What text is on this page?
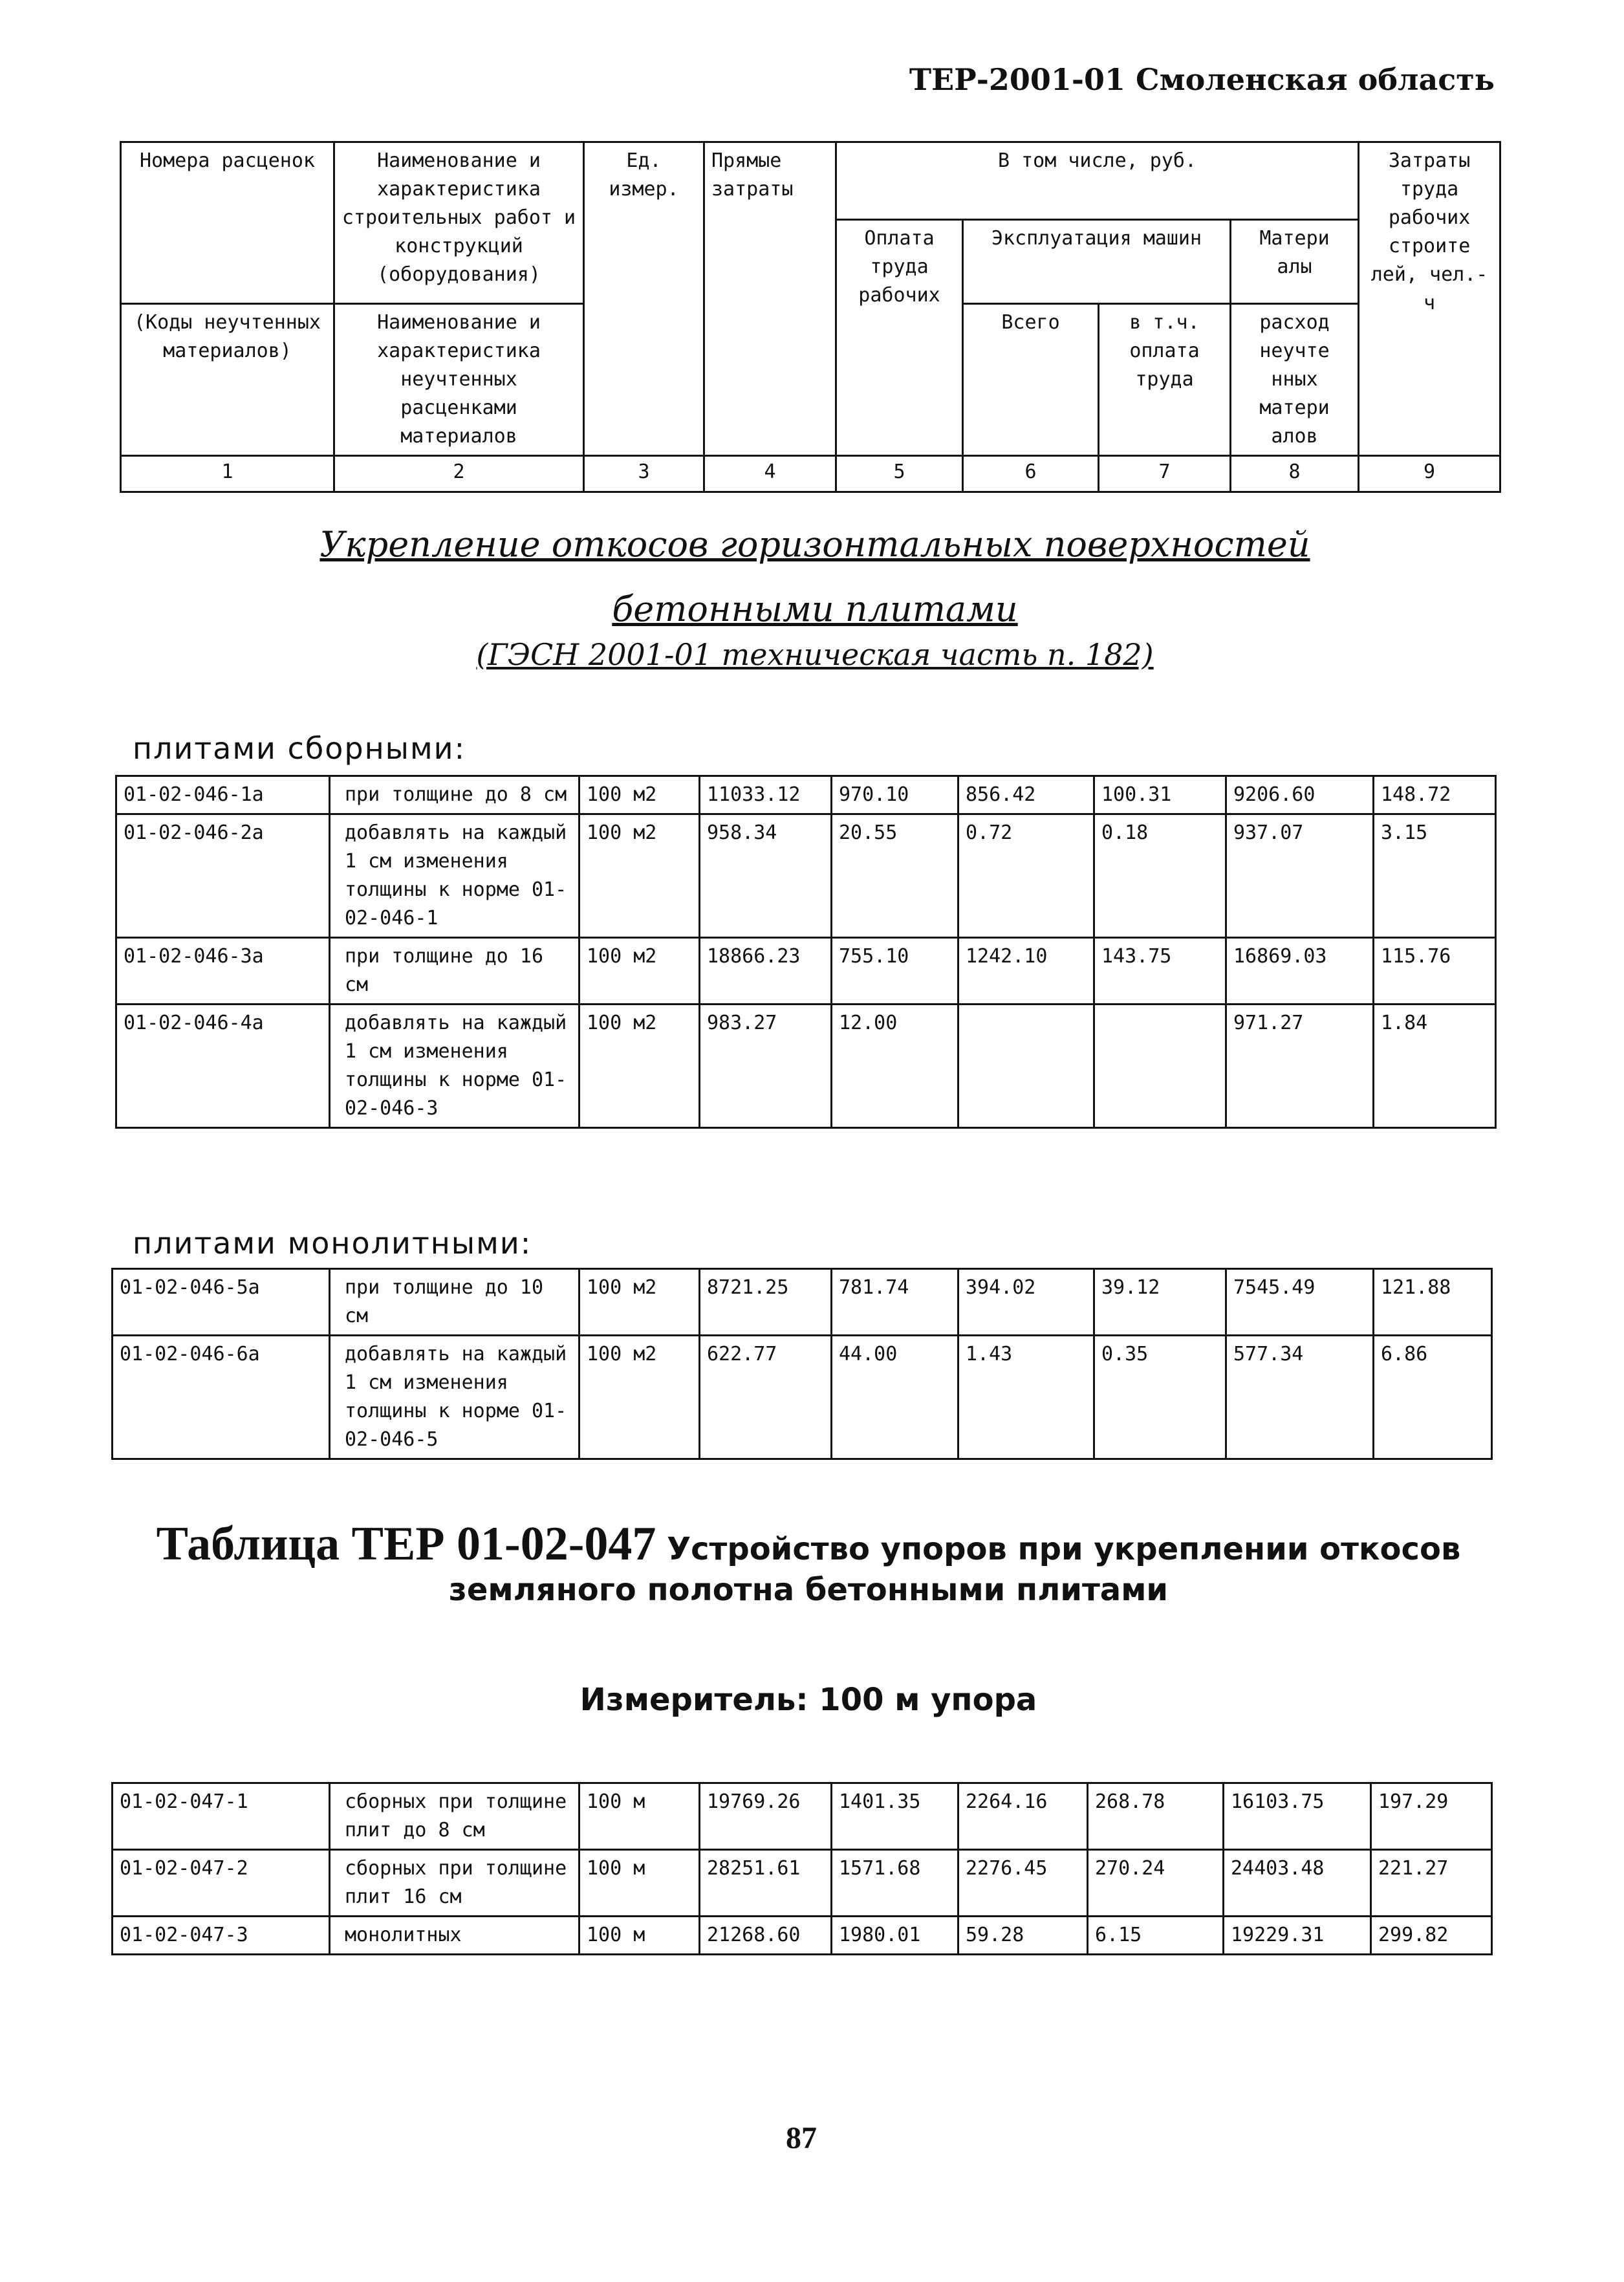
ТЕР-2001-01 Смоленская область
Номера расценок	Наименование и характеристика строительных работ и конструкций (оборудования)	Ед. измер.	Прямые затраты	В том числе, руб.				Затраты труда рабочих строите лей, чел.-ч
				Оплата труда рабочих	Эксплуатация машин		Матери алы	
(Коды неучтенных материалов)	Наименование и характеристика неучтенных расценками материалов				Всего	в т.ч. оплата труда	расход неучте нных матери алов	
1	2	3	4	5	6	7	8	9
Укрепление откосов горизонтальных поверхностей
бетонными плитами
(ГЭСН 2001-01 техническая часть п. 182)
плитами сборными:
01-02-046-1а	при толщине до 8 см	100 м2	11033.12	970.10	856.42	100.31	9206.60	148.72
01-02-046-2а	добавлять на каждый 1 см изменения толщины к норме 01-02-046-1	100 м2	958.34	20.55	0.72	0.18	937.07	3.15
01-02-046-3а	при толщине до 16 см	100 м2	18866.23	755.10	1242.10	143.75	16869.03	115.76
01-02-046-4а	добавлять на каждый 1 см изменения толщины к норме 01-02-046-3	100 м2	983.27	12.00			971.27	1.84
плитами монолитными:
01-02-046-5а	при толщине до 10 см	100 м2	8721.25	781.74	394.02	39.12	7545.49	121.88
01-02-046-6а	добавлять на каждый 1 см изменения толщины к норме 01-02-046-5	100 м2	622.77	44.00	1.43	0.35	577.34	6.86
Таблица ТЕР 01-02-047 Устройство упоров при укреплении откосов земляного полотна бетонными плитами
Измеритель: 100 м упора
01-02-047-1	сборных при толщине плит до 8 см	100 м	19769.26	1401.35	2264.16	268.78	16103.75	197.29
01-02-047-2	сборных при толщине плит 16 см	100 м	28251.61	1571.68	2276.45	270.24	24403.48	221.27
01-02-047-3	монолитных	100 м	21268.60	1980.01	59.28	6.15	19229.31	299.82
87
